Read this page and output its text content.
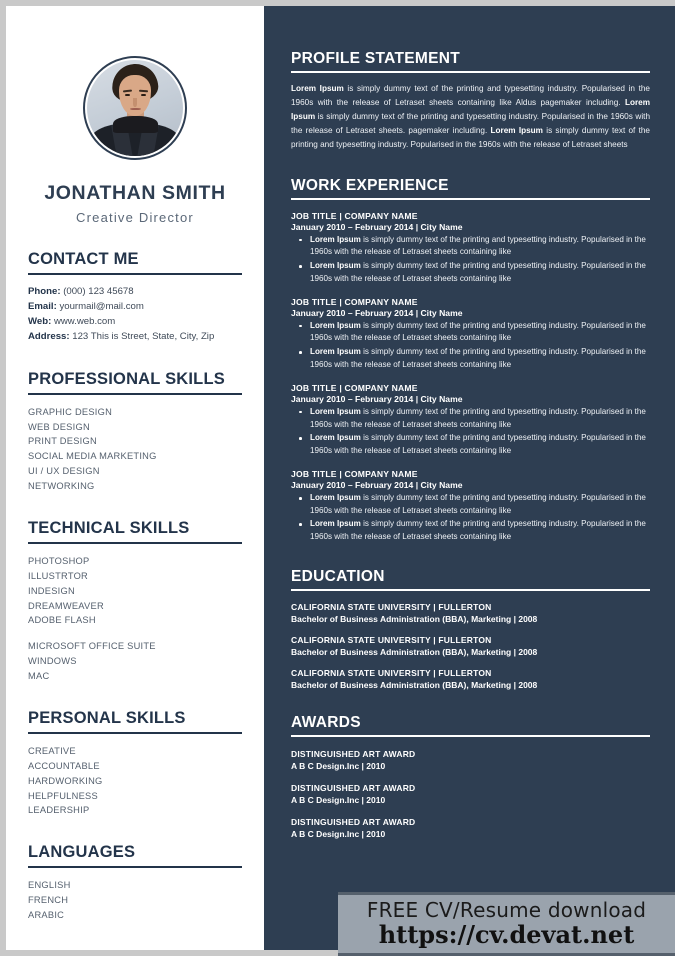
JONATHAN SMITH
Creative Director
CONTACT ME
Phone: (000) 123 45678
Email: yourmail@mail.com
Web: www.web.com
Address: 123 This is Street, State, City, Zip
PROFESSIONAL SKILLS
GRAPHIC DESIGN
WEB DESIGN
PRINT DESIGN
SOCIAL MEDIA MARKETING
UI / UX DESIGN
NETWORKING
TECHNICAL SKILLS
PHOTOSHOP
ILLUSTRTOR
INDESIGN
DREAMWEAVER
ADOBE FLASH
MICROSOFT OFFICE SUITE
WINDOWS
MAC
PERSONAL SKILLS
CREATIVE
ACCOUNTABLE
HARDWORKING
HELPFULNESS
LEADERSHIP
LANGUAGES
ENGLISH
FRENCH
ARABIC
PROFILE STATEMENT
Lorem Ipsum is simply dummy text of the printing and typesetting industry. Popularised in the 1960s with the release of Letraset sheets containing like Aldus pagemaker including. Lorem Ipsum is simply dummy text of the printing and typesetting industry. Popularised in the 1960s with the release of Letraset sheets. pagemaker including. Lorem Ipsum is simply dummy text of the printing and typesetting industry. Popularised in the 1960s with the release of Letraset sheets
WORK EXPERIENCE
JOB TITLE | COMPANY NAME
January 2010 – February 2014 | City Name
Lorem Ipsum is simply dummy text of the printing and typesetting industry. Popularised in the 1960s with the release of Letraset sheets containing like
Lorem Ipsum is simply dummy text of the printing and typesetting industry. Popularised in the 1960s with the release of Letraset sheets containing like
JOB TITLE | COMPANY NAME
January 2010 – February 2014 | City Name
Lorem Ipsum is simply dummy text of the printing and typesetting industry. Popularised in the 1960s with the release of Letraset sheets containing like
Lorem Ipsum is simply dummy text of the printing and typesetting industry. Popularised in the 1960s with the release of Letraset sheets containing like
JOB TITLE | COMPANY NAME
January 2010 – February 2014 | City Name
Lorem Ipsum is simply dummy text of the printing and typesetting industry. Popularised in the 1960s with the release of Letraset sheets containing like
Lorem Ipsum is simply dummy text of the printing and typesetting industry. Popularised in the 1960s with the release of Letraset sheets containing like
JOB TITLE | COMPANY NAME
January 2010 – February 2014 | City Name
Lorem Ipsum is simply dummy text of the printing and typesetting industry. Popularised in the 1960s with the release of Letraset sheets containing like
Lorem Ipsum is simply dummy text of the printing and typesetting industry. Popularised in the 1960s with the release of Letraset sheets containing like
EDUCATION
CALIFORNIA STATE UNIVERSITY | FULLERTON
Bachelor of Business Administration (BBA), Marketing | 2008
CALIFORNIA STATE UNIVERSITY | FULLERTON
Bachelor of Business Administration (BBA), Marketing | 2008
CALIFORNIA STATE UNIVERSITY | FULLERTON
Bachelor of Business Administration (BBA), Marketing | 2008
AWARDS
DISTINGUISHED ART AWARD
A B C Design.Inc | 2010
DISTINGUISHED ART AWARD
A B C Design.Inc | 2010
DISTINGUISHED ART AWARD
A B C Design.Inc | 2010
FREE CV/Resume download
https://cv.devat.net
